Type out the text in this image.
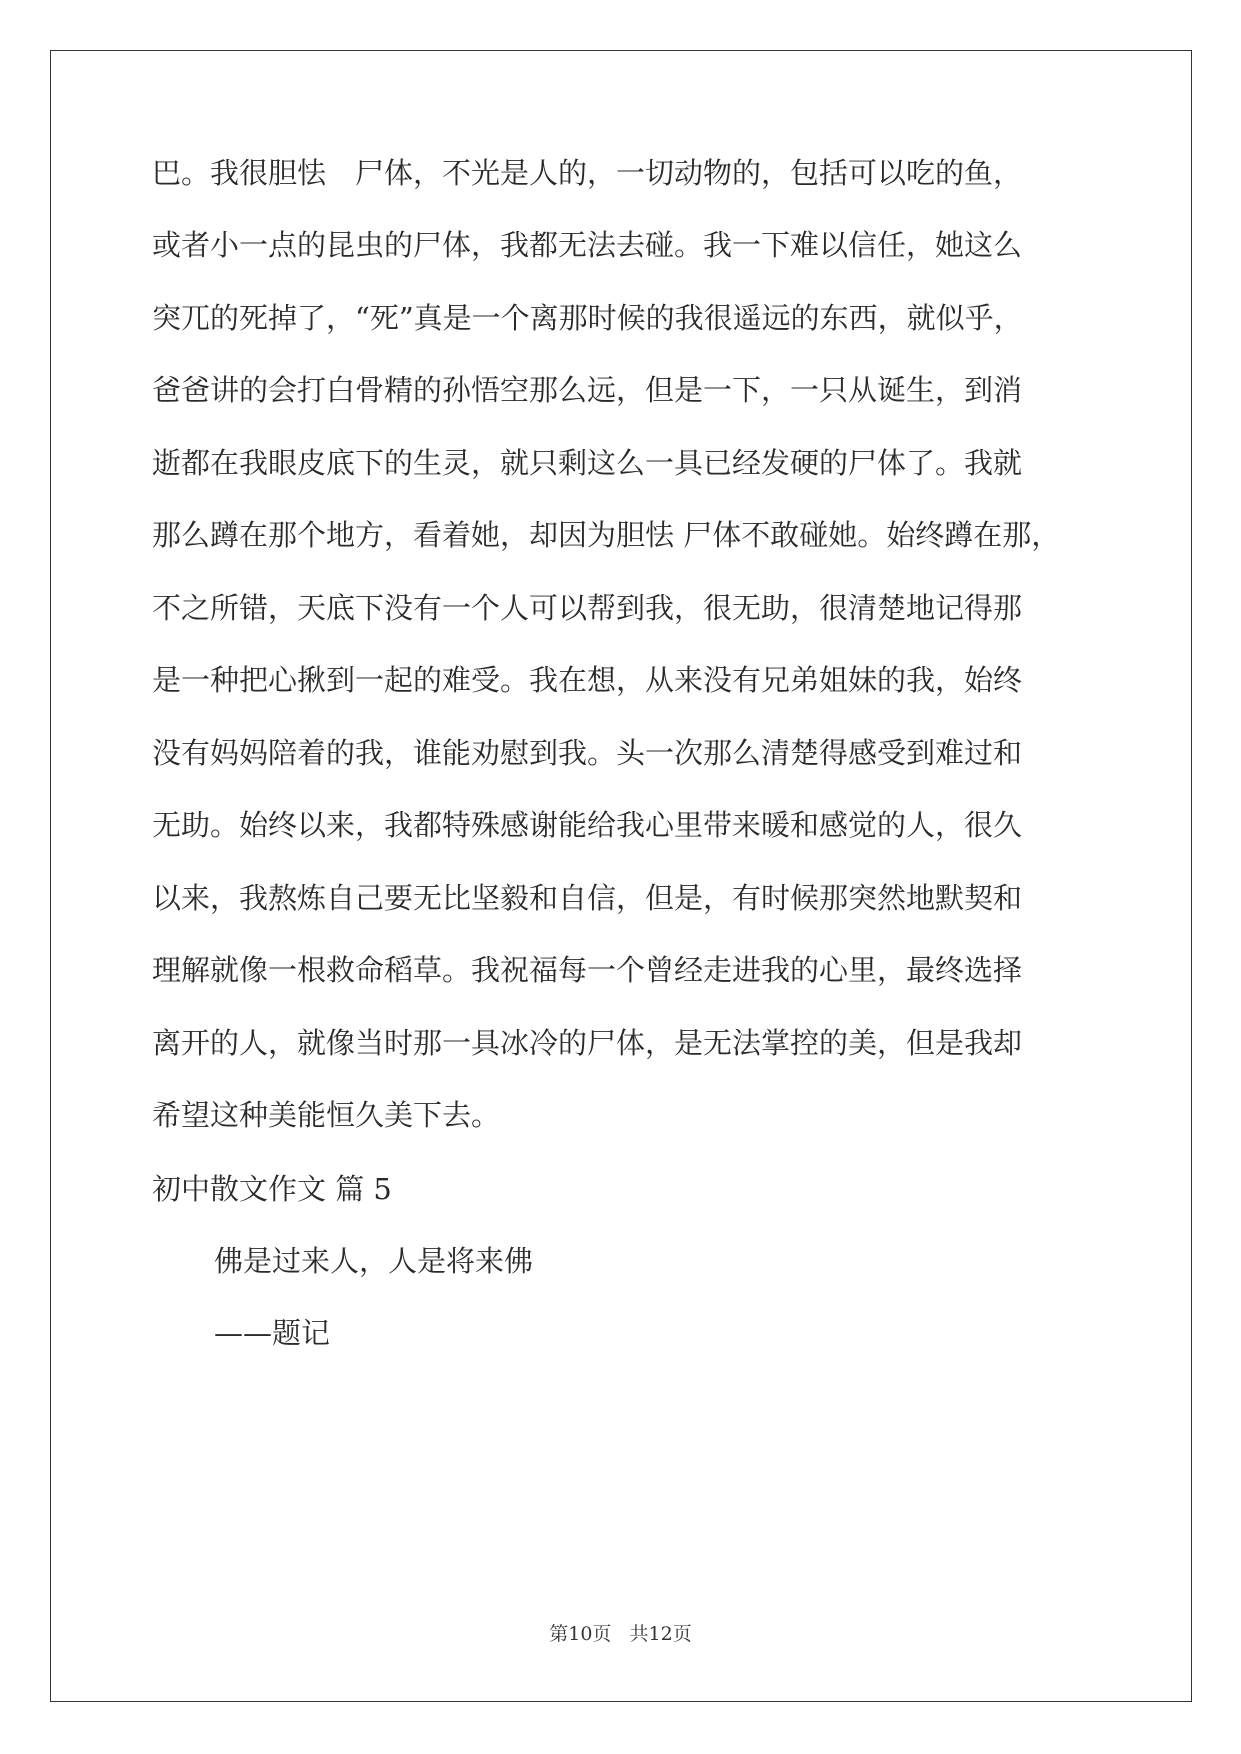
巴。我很胆怯　尸体，不光是人的，一切动物的，包括可以吃的鱼，

或者小一点的昆虫的尸体，我都无法去碰。我一下难以信任，她这么

突兀的死掉了，“死”真是一个离那时候的我很遥远的东西，就似乎，

爸爸讲的会打白骨精的孙悟空那么远，但是一下，一只从诞生，到消

逝都在我眼皮底下的生灵，就只剩这么一具已经发硬的尸体了。我就

那么蹲在那个地方，看着她，却因为胆怯 尸体不敢碰她。始终蹲在那，

不之所错，天底下没有一个人可以帮到我，很无助，很清楚地记得那

是一种把心揪到一起的难受。我在想，从来没有兄弟姐妹的我，始终

没有妈妈陪着的我，谁能劝慰到我。头一次那么清楚得感受到难过和

无助。始终以来，我都特殊感谢能给我心里带来暖和感觉的人，很久

以来，我熬炼自己要无比坚毅和自信，但是，有时候那突然地默契和

理解就像一根救命稻草。我祝福每一个曾经走进我的心里，最终选择

离开的人，就像当时那一具冰冷的尸体，是无法掌控的美，但是我却

希望这种美能恒久美下去。

初中散文作文 篇 5

佛是过来人，人是将来佛

——题记

第10页   共12页
